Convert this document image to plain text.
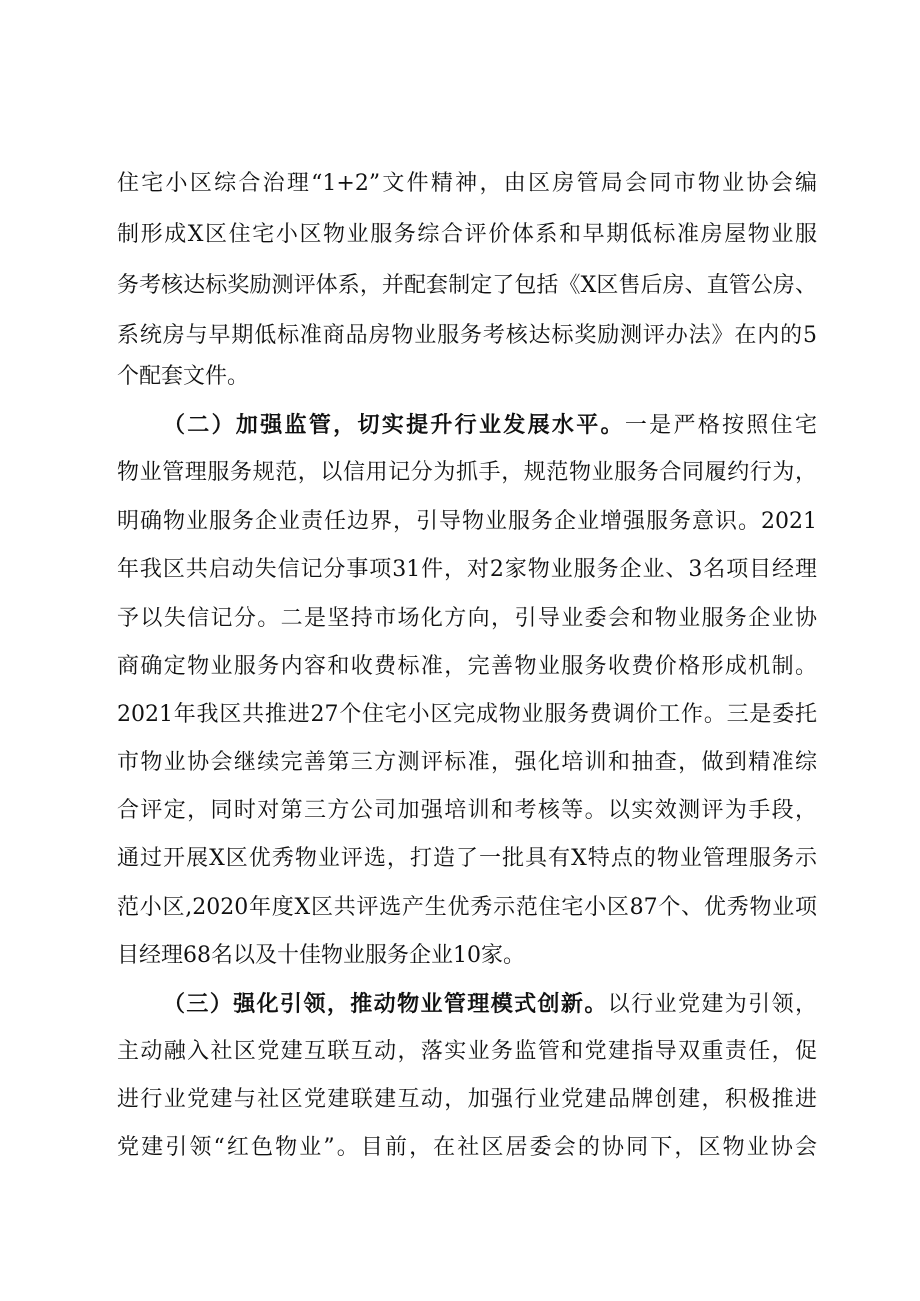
住宅小区综合治理“1+2”文件精神，由区房管局会同市物业协会编
制形成X区住宅小区物业服务综合评价体系和早期低标准房屋物业服
务考核达标奖励测评体系，并配套制定了包括《X区售后房、直管公房、
系统房与早期低标准商品房物业服务考核达标奖励测评办法》在内的5
个配套文件。
（二）加强监管，切实提升行业发展水平。一是严格按照住宅
物业管理服务规范，以信用记分为抓手，规范物业服务合同履约行为，
明确物业服务企业责任边界，引导物业服务企业增强服务意识。2021
年我区共启动失信记分事项31件，对2家物业服务企业、3名项目经理
予以失信记分。二是坚持市场化方向，引导业委会和物业服务企业协
商确定物业服务内容和收费标准，完善物业服务收费价格形成机制。
2021年我区共推进27个住宅小区完成物业服务费调价工作。三是委托
市物业协会继续完善第三方测评标准，强化培训和抽查，做到精准综
合评定，同时对第三方公司加强培训和考核等。以实效测评为手段，
通过开展X区优秀物业评选，打造了一批具有X特点的物业管理服务示
范小区,2020年度X区共评选产生优秀示范住宅小区87个、优秀物业项
目经理68名以及十佳物业服务企业10家。
（三）强化引领，推动物业管理模式创新。以行业党建为引领，
主动融入社区党建互联互动，落实业务监管和党建指导双重责任，促
进行业党建与社区党建联建互动，加强行业党建品牌创建，积极推进
党建引领“红色物业”。目前，在社区居委会的协同下，区物业协会
